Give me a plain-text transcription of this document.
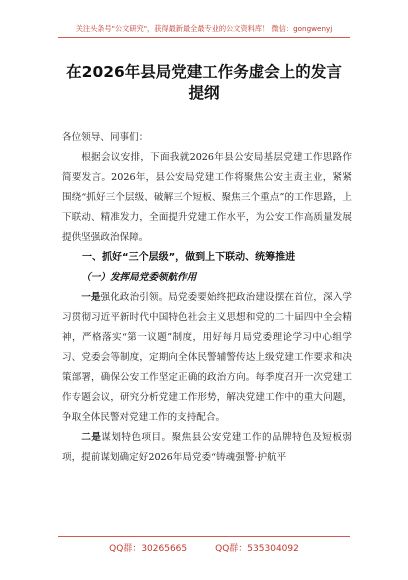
关注头条号"公文研究"，获得最新最全最专业的公文资料库！ 微信：gongwenyj
在2026年县局党建工作务虚会上的发言
提纲

各位领导、同事们：

根据会议安排，下面我就2026年县公安局基层党建工作思路作简要发言。2026年，县公安局党建工作将聚焦公安主责主业，紧紧围绕“抓好三个层级、破解三个短板、聚焦三个重点”的工作思路，上下联动、精准发力，全面提升党建工作水平，为公安工作高质量发展提供坚强政治保障。

一、抓好“三个层级”，做到上下联动、统筹推进

（一）发挥局党委领航作用

一是强化政治引领。局党委要始终把政治建设摆在首位，深入学习贯彻习近平新时代中国特色社会主义思想和党的二十届四中全会精神，严格落实“第一议题”制度，用好每月局党委理论学习中心组学习、党委会等制度，定期向全体民警辅警传达上级党建工作要求和决策部署，确保公安工作坚定正确的政治方向。每季度召开一次党建工作专题会议，研究分析党建工作形势，解决党建工作中的重大问题，争取全体民警对党建工作的支持配合。

二是谋划特色项目。聚焦县公安党建工作的品牌特色及短板弱项，提前谋划确定好2026年局党委“铸魂强警·护航平

QQ群：30265665	QQ群：535304092
